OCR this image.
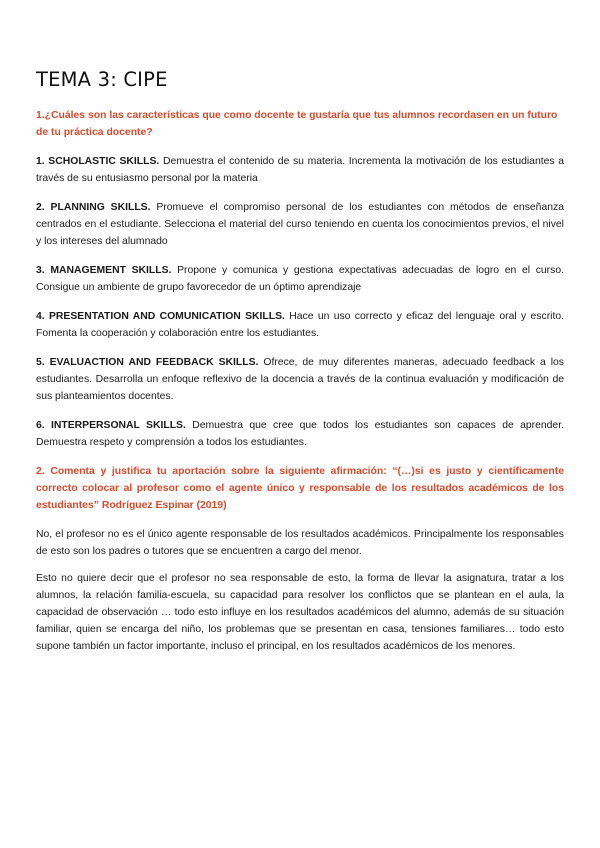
TEMA 3: CIPE

1.¿Cuáles son las características que como docente te gustaría que tus alumnos recordasen en un futuro de tu práctica docente?

1. SCHOLASTIC SKILLS. Demuestra el contenido de su materia. Incrementa la motivación de los estudiantes a través de su entusiasmo personal por la materia

2. PLANNING SKILLS. Promueve el compromiso personal de los estudiantes con métodos de enseñanza centrados en el estudiante. Selecciona el material del curso teniendo en cuenta los conocimientos previos, el nivel y los intereses del alumnado

3. MANAGEMENT SKILLS. Propone y comunica y gestiona expectativas adecuadas de logro en el curso. Consigue un ambiente de grupo favorecedor de un óptimo aprendizaje

4. PRESENTATION AND COMUNICATION SKILLS. Hace un uso correcto y eficaz del lenguaje oral y escrito. Fomenta la cooperación y colaboración entre los estudiantes.

5. EVALUACTION AND FEEDBACK SKILLS. Ofrece, de muy diferentes maneras, adecuado feedback a los estudiantes. Desarrolla un enfoque reflexivo de la docencia a través de la continua evaluación y modificación de sus planteamientos docentes.

6. INTERPERSONAL SKILLS. Demuestra que cree que todos los estudiantes son capaces de aprender. Demuestra respeto y comprensión a todos los estudiantes.

2. Comenta y justifica tu aportación sobre la siguiente afirmación: “(…)si es justo y científicamente correcto colocar al profesor como el agente único y responsable de los resultados académicos de los estudiantes” Rodríguez Espinar (2019)

No, el profesor no es el único agente responsable de los resultados académicos. Principalmente los responsables de esto son los padres o tutores que se encuentren a cargo del menor.

Esto no quiere decir que el profesor no sea responsable de esto, la forma de llevar la asignatura, tratar a los alumnos, la relación familia-escuela, su capacidad para resolver los conflictos que se plantean en el aula, la capacidad de observación … todo esto influye en los resultados académicos del alumno, además de su situación familiar, quien se encarga del niño, los problemas que se presentan en casa, tensiones familiares… todo esto supone también un factor importante, incluso el principal, en los resultados académicos de los menores.
